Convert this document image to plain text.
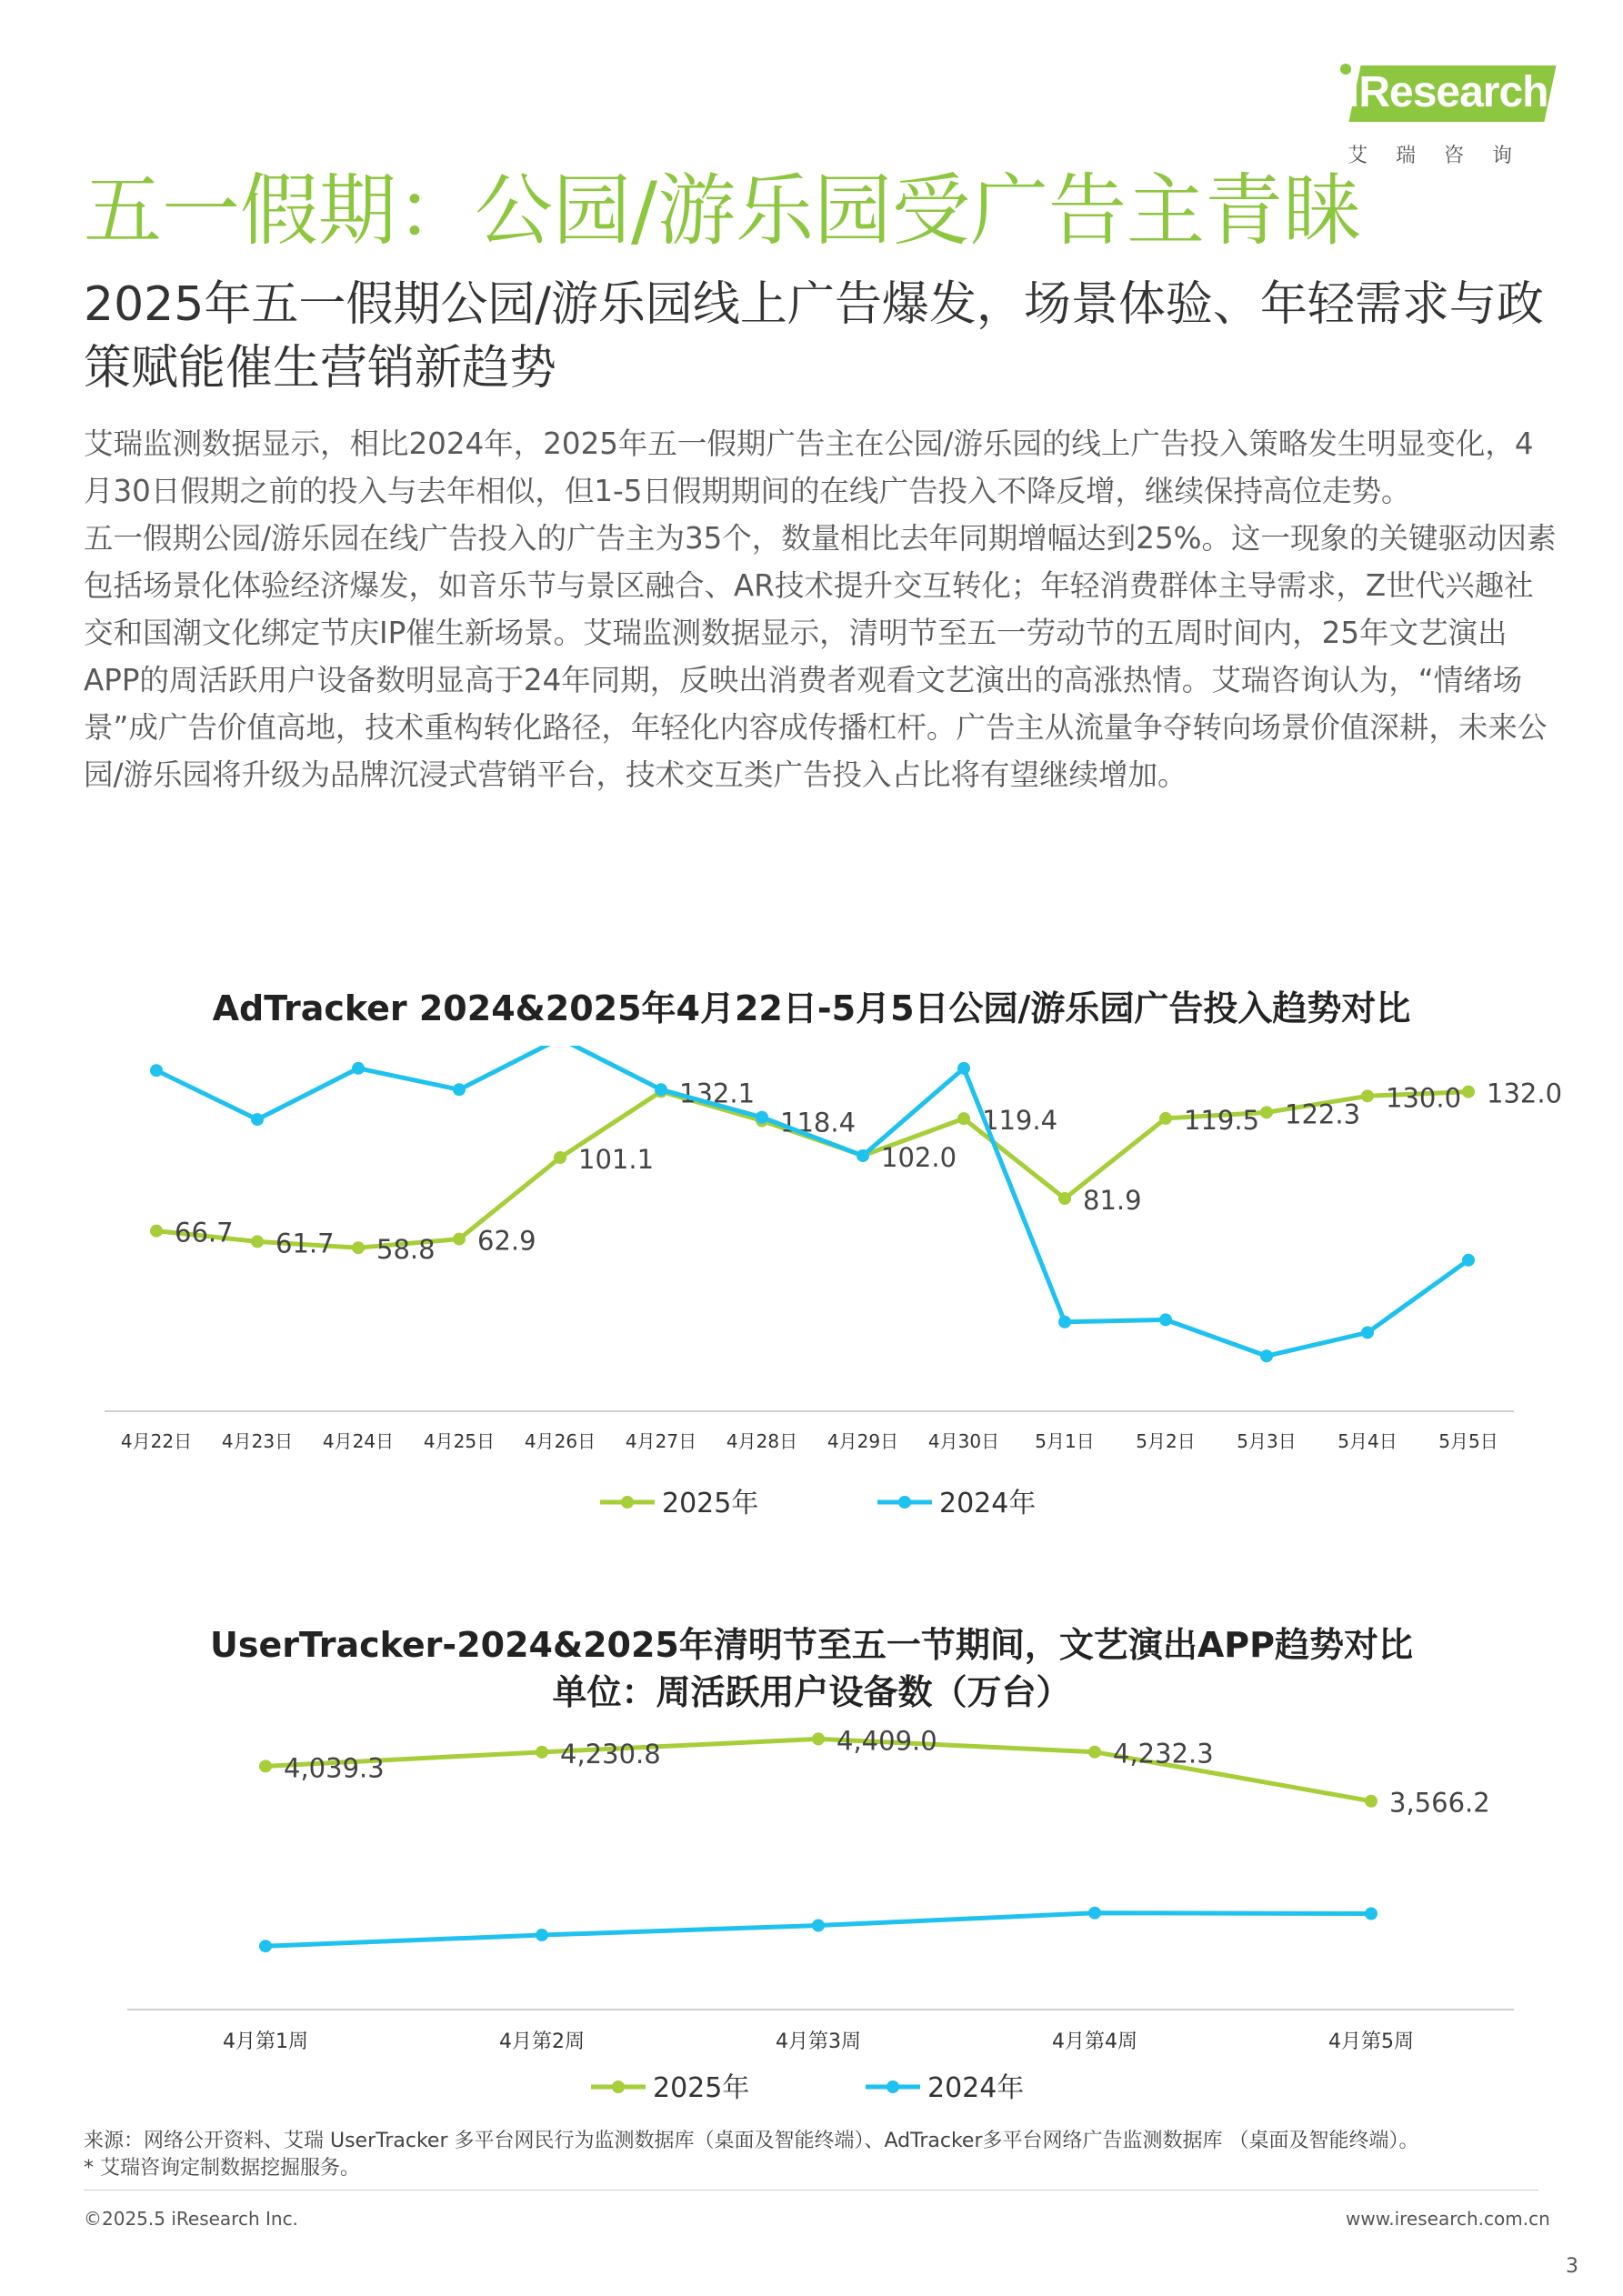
iResearch
艾瑞咨询
五一假期：公园/游乐园受广告主青睐
2025年五一假期公园/游乐园线上广告爆发，场景体验、年轻需求与政策赋能催生营销新趋势

艾瑞监测数据显示，相比2024年，2025年五一假期广告主在公园/游乐园的线上广告投入策略发生明显变化，4月30日假期之前的投入与去年相似，但1-5日假期期间的在线广告投入不降反增，继续保持高位走势。

五一假期公园/游乐园在线广告投入的广告主为35个，数量相比去年同期增幅达到25%。这一现象的关键驱动因素包括场景化体验经济爆发，如音乐节与景区融合、AR技术提升交互转化；年轻消费群体主导需求，Z世代兴趣社交和国潮文化绑定节庆IP催生新场景。艾瑞监测数据显示，清明节至五一劳动节的五周时间内，25年文艺演出APP的周活跃用户设备数明显高于24年同期，反映出消费者观看文艺演出的高涨热情。艾瑞咨询认为，“情绪场景”成广告价值高地，技术重构转化路径，年轻化内容成传播杠杆。广告主从流量争夺转向场景价值深耕，未来公园/游乐园将升级为品牌沉浸式营销平台，技术交互类广告投入占比将有望继续增加。

AdTracker 2024&2025年4月22日-5月5日公园/游乐园广告投入趋势对比
4月22日 4月23日 4月24日 4月25日 4月26日 4月27日 4月28日 4月29日 4月30日 5月1日 5月2日 5月3日 5月4日 5月5日
66.7 61.7 58.8 62.9
101.1
132.1
118.4
102.0
119.4
81.9
119.5 122.3
130.0 132.0
2025年	2024年
UserTracker-2024&2025年清明节至五一节期间，文艺演出APP趋势对比
单位：周活跃用户设备数（万台）
4月第1周	4月第2周	4月第3周	4月第4周	4月第5周
4,039.3	4,230.8	4,409.0	4,232.3
3,566.2
2025年	2024年
来源：网络公开资料、艾瑞 UserTracker 多平台网民行为监测数据库（桌面及智能终端）、AdTracker多平台网络广告监测数据库 （桌面及智能终端）。
* 艾瑞咨询定制数据挖掘服务。
©2025.5 iResearch Inc.	www.iresearch.com.cn
3
